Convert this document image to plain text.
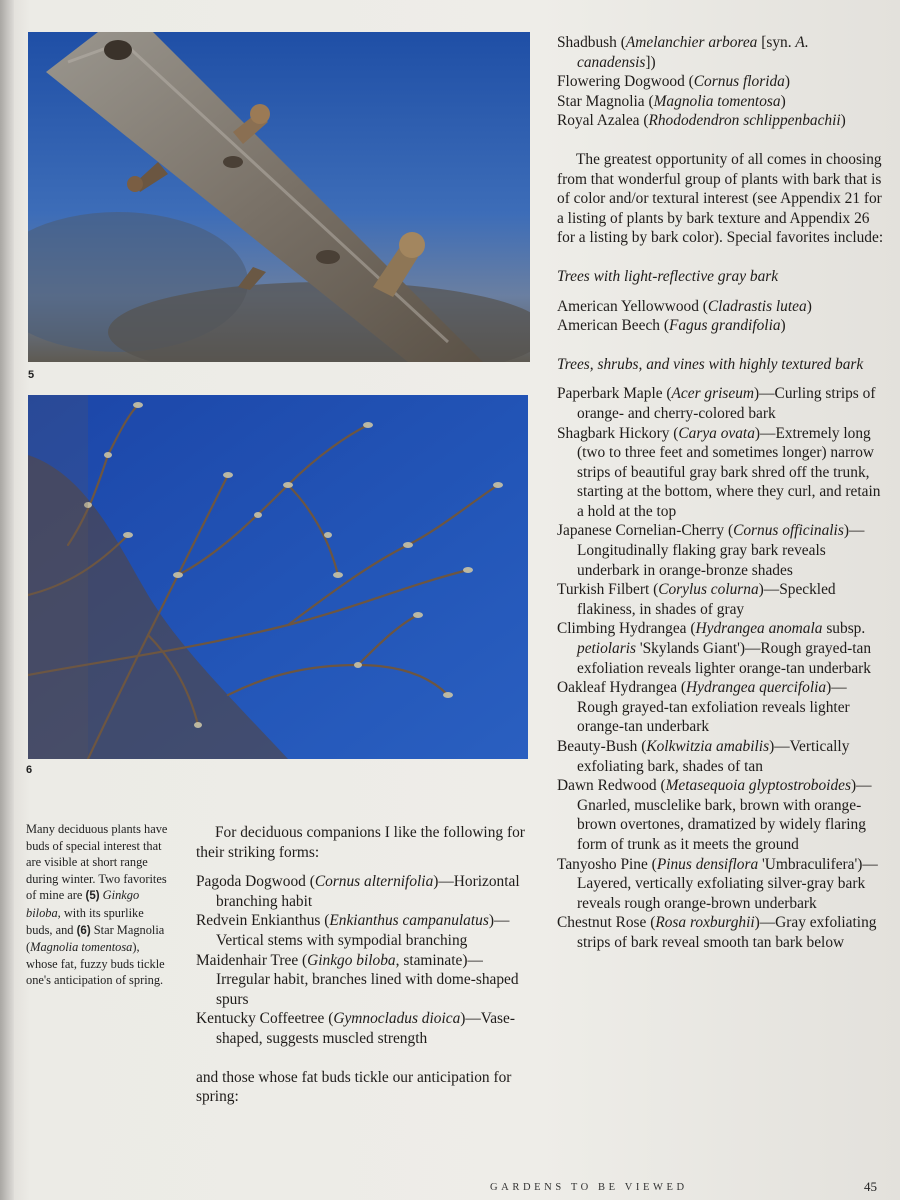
5
6
Many deciduous plants have buds of special interest that are visible at short range during winter. Two favorites of mine are (5) Ginkgo biloba, with its spurlike buds, and (6) Star Magnolia (Magnolia tomentosa), whose fat, fuzzy buds tickle one's anticipation of spring.

For deciduous companions I like the following for their striking forms:

Pagoda Dogwood (Cornus alternifolia)—Horizontal branching habit

Redvein Enkianthus (Enkianthus campanulatus)—Vertical stems with sympodial branching

Maidenhair Tree (Ginkgo biloba, staminate)—Irregular habit, branches lined with dome-shaped spurs

Kentucky Coffeetree (Gymnocladus dioica)—Vase-shaped, suggests muscled strength

and those whose fat buds tickle our anticipation for spring:

Shadbush (Amelanchier arborea [syn. A. canadensis])

Flowering Dogwood (Cornus florida)

Star Magnolia (Magnolia tomentosa)

Royal Azalea (Rhododendron schlippenbachii)

The greatest opportunity of all comes in choosing from that wonderful group of plants with bark that is of color and/or textural interest (see Appendix 21 for a listing of plants by bark texture and Appendix 26 for a listing by bark color). Special favorites include:

Trees with light-reflective gray bark

American Yellowwood (Cladrastis lutea)

American Beech (Fagus grandifolia)

Trees, shrubs, and vines with highly textured bark

Paperbark Maple (Acer griseum)—Curling strips of orange- and cherry-colored bark

Shagbark Hickory (Carya ovata)—Extremely long (two to three feet and sometimes longer) narrow strips of beautiful gray bark shred off the trunk, starting at the bottom, where they curl, and retain a hold at the top

Japanese Cornelian-Cherry (Cornus officinalis)—Longitudinally flaking gray bark reveals underbark in orange-bronze shades

Turkish Filbert (Corylus colurna)—Speckled flakiness, in shades of gray

Climbing Hydrangea (Hydrangea anomala subsp. petiolaris 'Skylands Giant')—Rough grayed-tan exfoliation reveals lighter orange-tan underbark

Oakleaf Hydrangea (Hydrangea quercifolia)—Rough grayed-tan exfoliation reveals lighter orange-tan underbark

Beauty-Bush (Kolkwitzia amabilis)—Vertically exfoliating bark, shades of tan

Dawn Redwood (Metasequoia glyptostroboides)—Gnarled, musclelike bark, brown with orange-brown overtones, dramatized by widely flaring form of trunk as it meets the ground

Tanyosho Pine (Pinus densiflora 'Umbraculifera')—Layered, vertically exfoliating silver-gray bark reveals rough orange-brown underbark

Chestnut Rose (Rosa roxburghii)—Gray exfoliating strips of bark reveal smooth tan bark below

GARDENS TO BE VIEWED	45
